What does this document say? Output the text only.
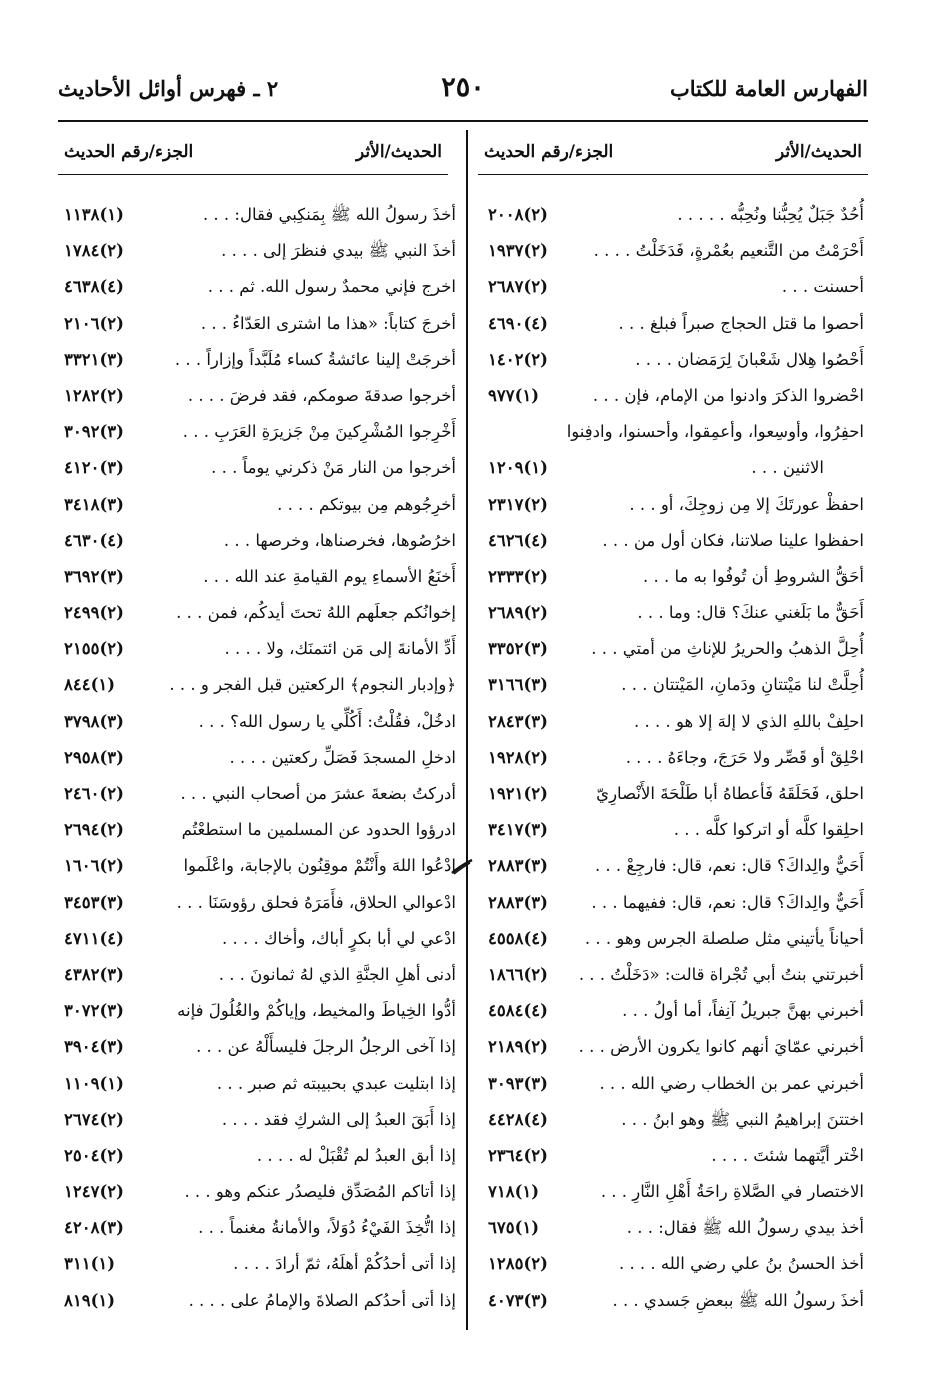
الفهارس العامة للكتاب
٢٥٠
٢ ـ فهرس أوائل الأحاديث
الحديث/الأثر
الجزء/رقم الحديث
الحديث/الأثر
الجزء/رقم الحديث
أُحُدٌ جَبَلٌ يُحِبُّنا ونُحِبُّه . . . . .
(٢)٢٠٠٨
أَحْرَمْتُ من التَّنعيم بعُمْرةٍ، فَدَخَلْتُ . . . .
(٢)١٩٣٧
أحسنت . . .
(٢)٢٦٨٧
أحصوا ما قتل الحجاج صبراً فبلغ . . .
(٤)٤٦٩٠
أَحْصُوا هِلال شَعْبانَ لِرَمَضان . . . .
(٢)١٤٠٢
احْضروا الذكرَ وادنوا من الإمام، فإن . . .
(١)٩٧٧
احفِرُوا، وأوسِعوا، وأعمِقوا، وأحسنوا، وادفِنوا
الاثنين . . .
(١)١٢٠٩
احفظْ عورتَكَ إلا مِن زوجِكَ، أو . . .
(٢)٢٣١٧
احفظوا علينا صلاتنا، فكان أول من . . .
(٤)٤٦٢٦
أحَقُّ الشروطِ أن تُوفُوا به ما . . .
(٢)٢٣٣٣
أَحَقٌّ ما بَلَغني عنكَ؟ قال: وما . . .
(٢)٢٦٨٩
أُحِلَّ الذهبُ والحريرُ للإناثِ من أمتي . . .
(٣)٣٣٥٢
أُحِلَّتْ لنا مَيْتتانِ ودَمانِ، المَيْتتان . . .
(٣)٣١٦٦
احلِفْ باللهِ الذي لا إلهَ إلا هو . . . .
(٣)٢٨٤٣
احْلِقْ أو قَصِّر ولا حَرَجَ، وجاءَهُ . . . .
(٢)١٩٢٨
احلق، فَحَلَقَهُ فَأعطاهُ أبا طَلْحَةَ الأَنْصارِيّ
(٢)١٩٢١
احلِقوا كلَّه أو اتركوا كلَّه . . .
(٣)٣٤١٧
أَحَيٌّ والِداكَ؟ قال: نعم، قال: فارجِعْ . . .
(٣)٢٨٨٣
أَحَيٌّ والِداكَ؟ قال: نعم، قال: ففيهما . . .
(٣)٢٨٨٣
أحياناً يأتيني مثل صلصلة الجرس وهو . . .
(٤)٤٥٥٨
أخبرتني بنتُ أبي تُجْراة قالت: «دَخَلْتُ . . .
(٢)١٨٦٦
أخبرني بهنَّ جبريلُ آنِفاً، أما أولُ . . .
(٤)٤٥٨٤
أخبرني عمّايَ أنهم كانوا يكرون الأرض . . .
(٢)٢١٨٩
أخبرني عمر بن الخطاب رضي الله . . .
(٣)٣٠٩٣
اختتنَ إبراهيمُ النبي ﷺ وهو ابنُ . . .
(٤)٤٤٢٨
اخْتر أيَّتهما شئتَ . . . .
(٢)٢٣٦٤
الاختصار في الصَّلاةِ راحَةُ أَهْلِ النَّارِ . . .
(١)٧١٨
أخذ بيدي رسولُ الله ﷺ فقال: . . .
(١)٦٧٥
أخذ الحسنُ بنُ علي رضي الله . . . .
(٢)١٢٨٥
أخذَ رسولُ الله ﷺ ببعضِ جَسدي . . .
(٣)٤٠٧٣
أخذَ رسولُ الله ﷺ بِمَنكِبي فقال: . . .
(١)١١٣٨
أخذَ النبي ﷺ بيدي فنظرَ إلى . . . .
(٢)١٧٨٤
اخرج فإني محمدٌ رسول الله. ثم . . .
(٤)٤٦٣٨
أخرجَ كتاباً: «هذا ما اشترى العَدّاءُ . . .
(٢)٢١٠٦
أخرجَتْ إلينا عائشةُ كساء مُلَبَّداً وإزاراً . . .
(٣)٣٣٢١
أخرجوا صدقةَ صومكم، فقد فرضَ . . . .
(٢)١٢٨٢
أَخْرِجوا المُشْرِكينَ مِنْ جَزيرَةِ العَرَبِ . . .
(٣)٣٠٩٢
أخرجوا من النار مَنْ ذكرني يوماً . . .
(٣)٤١٢٠
أخرِجُوهم مِن بيوتكم . . . .
(٣)٣٤١٨
اخرُصُوها، فخرصناها، وخرصها . . .
(٤)٤٦٣٠
أَخنَعُ الأسماءِ يوم القيامةِ عند الله . . .
(٣)٣٦٩٢
إخوانُكم جعلَهم اللهُ تحتَ أيدكُم، فمن . . .
(٢)٢٤٩٩
أَدِّ الأمانةَ إلى مَن ائتمنَك، ولا . . . .
(٢)٢١٥٥
﴿وإدبار النجوم﴾ الركعتين قبل الفجر و . . .
(١)٨٤٤
ادخُلْ، فقُلْتُ: أَكُلِّي يا رسول الله؟ . . .
(٣)٣٧٩٨
ادخلِ المسجدَ فَصَلِّ ركعتين . . . .
(٣)٢٩٥٨
أدركتُ بضعةَ عشرَ من أصحاب النبي . . .
(٢)٢٤٦٠
ادرؤوا الحدود عن المسلمين ما استطعْتُم
(٢)٢٦٩٤
ادْعُوا اللهَ وأَنْتُمْ موقِنُون بالإجابة، واعْلَموا
(٢)١٦٠٦
ادْعوالي الحلاق، فأَمَرَهُ فحلق رؤوسَنَا . . .
(٣)٣٤٥٣
ادْعي لي أبا بكرٍ أباك، وأخاك . . . .
(٤)٤٧١١
أدنى أهلِ الجنَّةِ الذي لهُ ثمانونَ . . .
(٣)٤٣٨٢
أدُّوا الخِياطَ والمخيط، وإياكُمْ والغُلُولَ فإنه
(٣)٣٠٧٢
إذا آخى الرجلُ الرجلَ فليسأَلْهُ عن . . .
(٣)٣٩٠٤
إذا ابتليت عبدي بحبيبته ثم صبر . . .
(١)١١٠٩
إذا أَبَقَ العبدُ إلى الشركِ فقد . . . .
(٢)٢٦٧٤
إذا أبق العبدُ لم تُقْبَلْ له . . . .
(٢)٢٥٠٤
إذا أتاكم المُصَدِّق فليصدُر عنكم وهو . . .
(٢)١٢٤٧
إذا اتُّخِذَ الفَيْءُ دُوَلاً، والأمانةُ مغنماً . . .
(٣)٤٢٠٨
إذا أتى أحدُكُمْ أهلَهُ، ثمّ أرادَ . . . .
(١)٣١١
إذا أتى أحدُكم الصلاةَ والإمامُ على . . . .
(١)٨١٩
